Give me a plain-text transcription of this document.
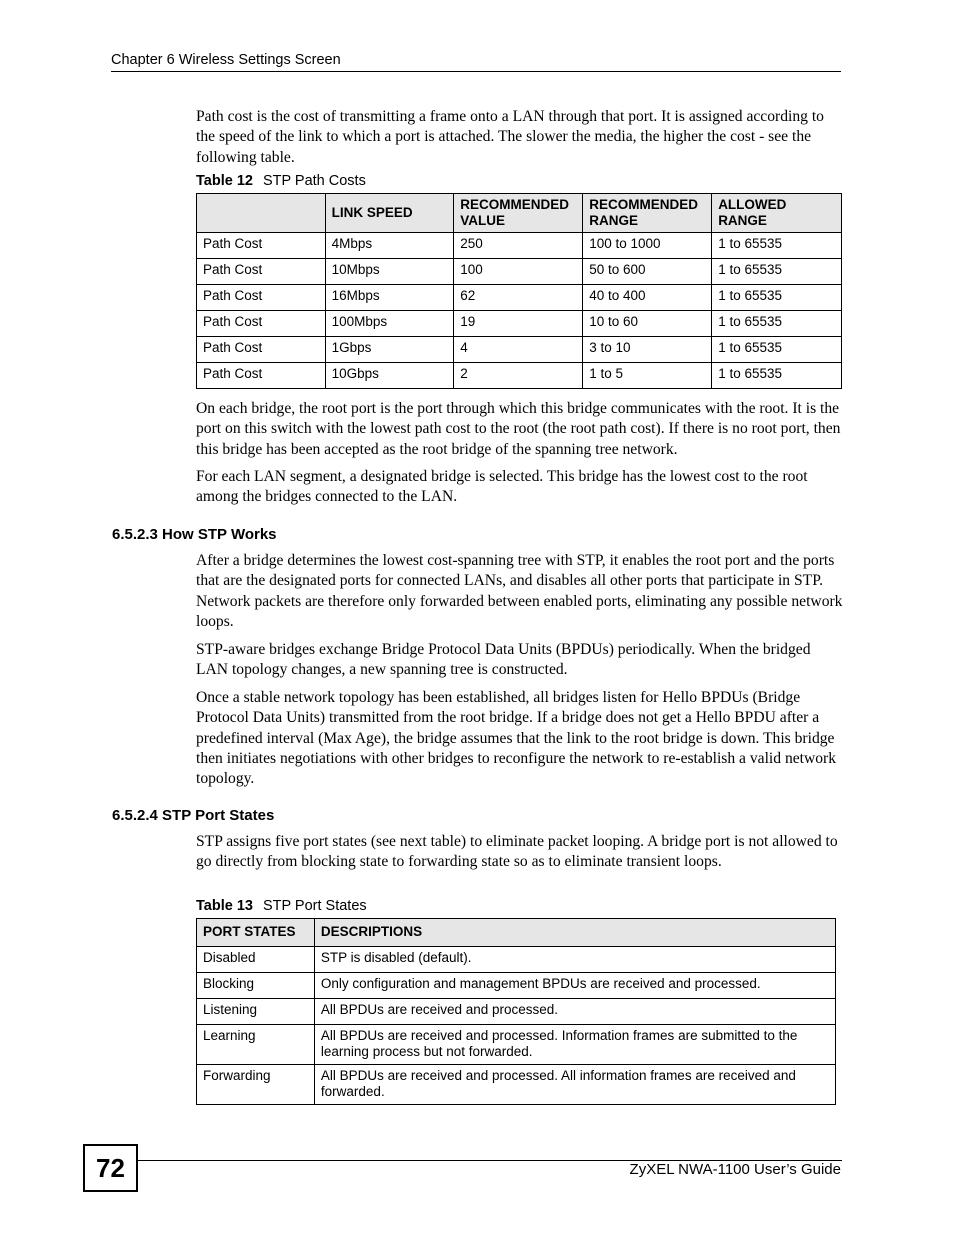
Chapter 6 Wireless Settings Screen

Path cost is the cost of transmitting a frame onto a LAN through that port. It is assigned according to the speed of the link to which a port is attached. The slower the media, the higher the cost - see the following table.

Table 12 STP Path Costs
	LINK SPEED	RECOMMENDED VALUE	RECOMMENDED RANGE	ALLOWED RANGE
Path Cost	4Mbps	250	100 to 1000	1 to 65535
Path Cost	10Mbps	100	50 to 600	1 to 65535
Path Cost	16Mbps	62	40 to 400	1 to 65535
Path Cost	100Mbps	19	10 to 60	1 to 65535
Path Cost	1Gbps	4	3 to 10	1 to 65535
Path Cost	10Gbps	2	1 to 5	1 to 65535

On each bridge, the root port is the port through which this bridge communicates with the root. It is the port on this switch with the lowest path cost to the root (the root path cost). If there is no root port, then this bridge has been accepted as the root bridge of the spanning tree network.

For each LAN segment, a designated bridge is selected. This bridge has the lowest cost to the root among the bridges connected to the LAN.

6.5.2.3 How STP Works

After a bridge determines the lowest cost-spanning tree with STP, it enables the root port and the ports that are the designated ports for connected LANs, and disables all other ports that participate in STP. Network packets are therefore only forwarded between enabled ports, eliminating any possible network loops.

STP-aware bridges exchange Bridge Protocol Data Units (BPDUs) periodically. When the bridged LAN topology changes, a new spanning tree is constructed.

Once a stable network topology has been established, all bridges listen for Hello BPDUs (Bridge Protocol Data Units) transmitted from the root bridge. If a bridge does not get a Hello BPDU after a predefined interval (Max Age), the bridge assumes that the link to the root bridge is down. This bridge then initiates negotiations with other bridges to reconfigure the network to re-establish a valid network topology.

6.5.2.4 STP Port States

STP assigns five port states (see next table) to eliminate packet looping. A bridge port is not allowed to go directly from blocking state to forwarding state so as to eliminate transient loops.

Table 13 STP Port States
PORT STATES	DESCRIPTIONS
Disabled	STP is disabled (default).
Blocking	Only configuration and management BPDUs are received and processed.
Listening	All BPDUs are received and processed.
Learning	All BPDUs are received and processed. Information frames are submitted to the learning process but not forwarded.
Forwarding	All BPDUs are received and processed. All information frames are received and forwarded.
72	ZyXEL NWA-1100 User’s Guide
